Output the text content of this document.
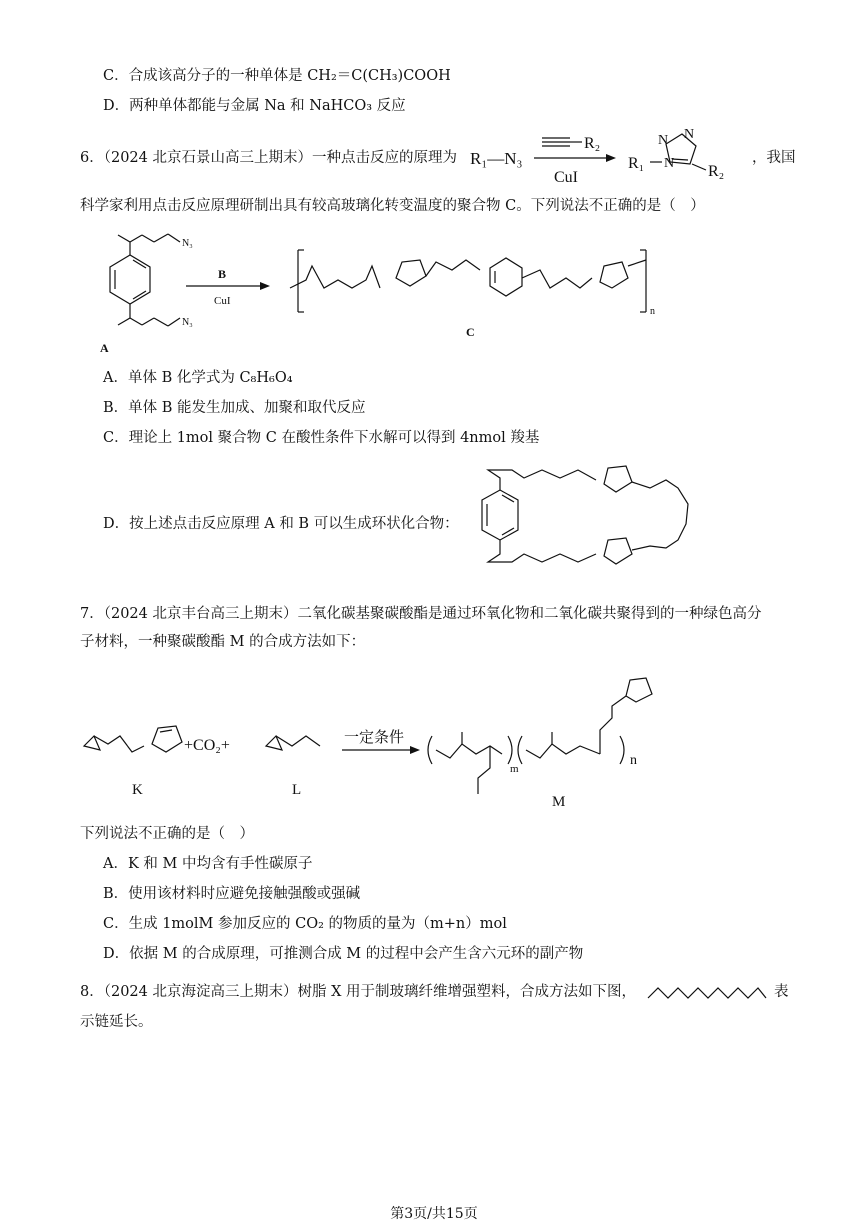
C．合成该高分子的一种单体是 CH₂＝C(CH₃)COOH
D．两种单体都能与金属 Na 和 NaHCO₃ 反应
6．（2024 北京石景山高三上期末）一种点击反应的原理为 R₁—N₃
R₂
CuI
R₁ N
N N
R₂
，我国
科学家利用点击反应原理研制出具有较高玻璃化转变温度的聚合物 C。下列说法不正确的是（　）
N₃
N₃
A
B
CuI
n
C
A．单体 B 化学式为 C₈H₆O₄
B．单体 B 能发生加成、加聚和取代反应
C．理论上 1mol 聚合物 C 在酸性条件下水解可以得到 4nmol 羧基
D．按上述点击反应原理 A 和 B 可以生成环状化合物：
7．（2024 北京丰台高三上期末）二氧化碳基聚碳酸酯是通过环氧化物和二氧化碳共聚得到的一种绿色高分
子材料，一种聚碳酸酯 M 的合成方法如下：
K
+CO₂+
L
一定条件
m
n
M
下列说法不正确的是（　）
A．K 和 M 中均含有手性碳原子
B．使用该材料时应避免接触强酸或强碱
C．生成 1molM 参加反应的 CO₂ 的物质的量为（m+n）mol
D．依据 M 的合成原理，可推测合成 M 的过程中会产生含六元环的副产物
8．（2024 北京海淀高三上期末）树脂 X 用于制玻璃纤维增强塑料，合成方法如下图，	表
示链延长。
第3页/共15页
